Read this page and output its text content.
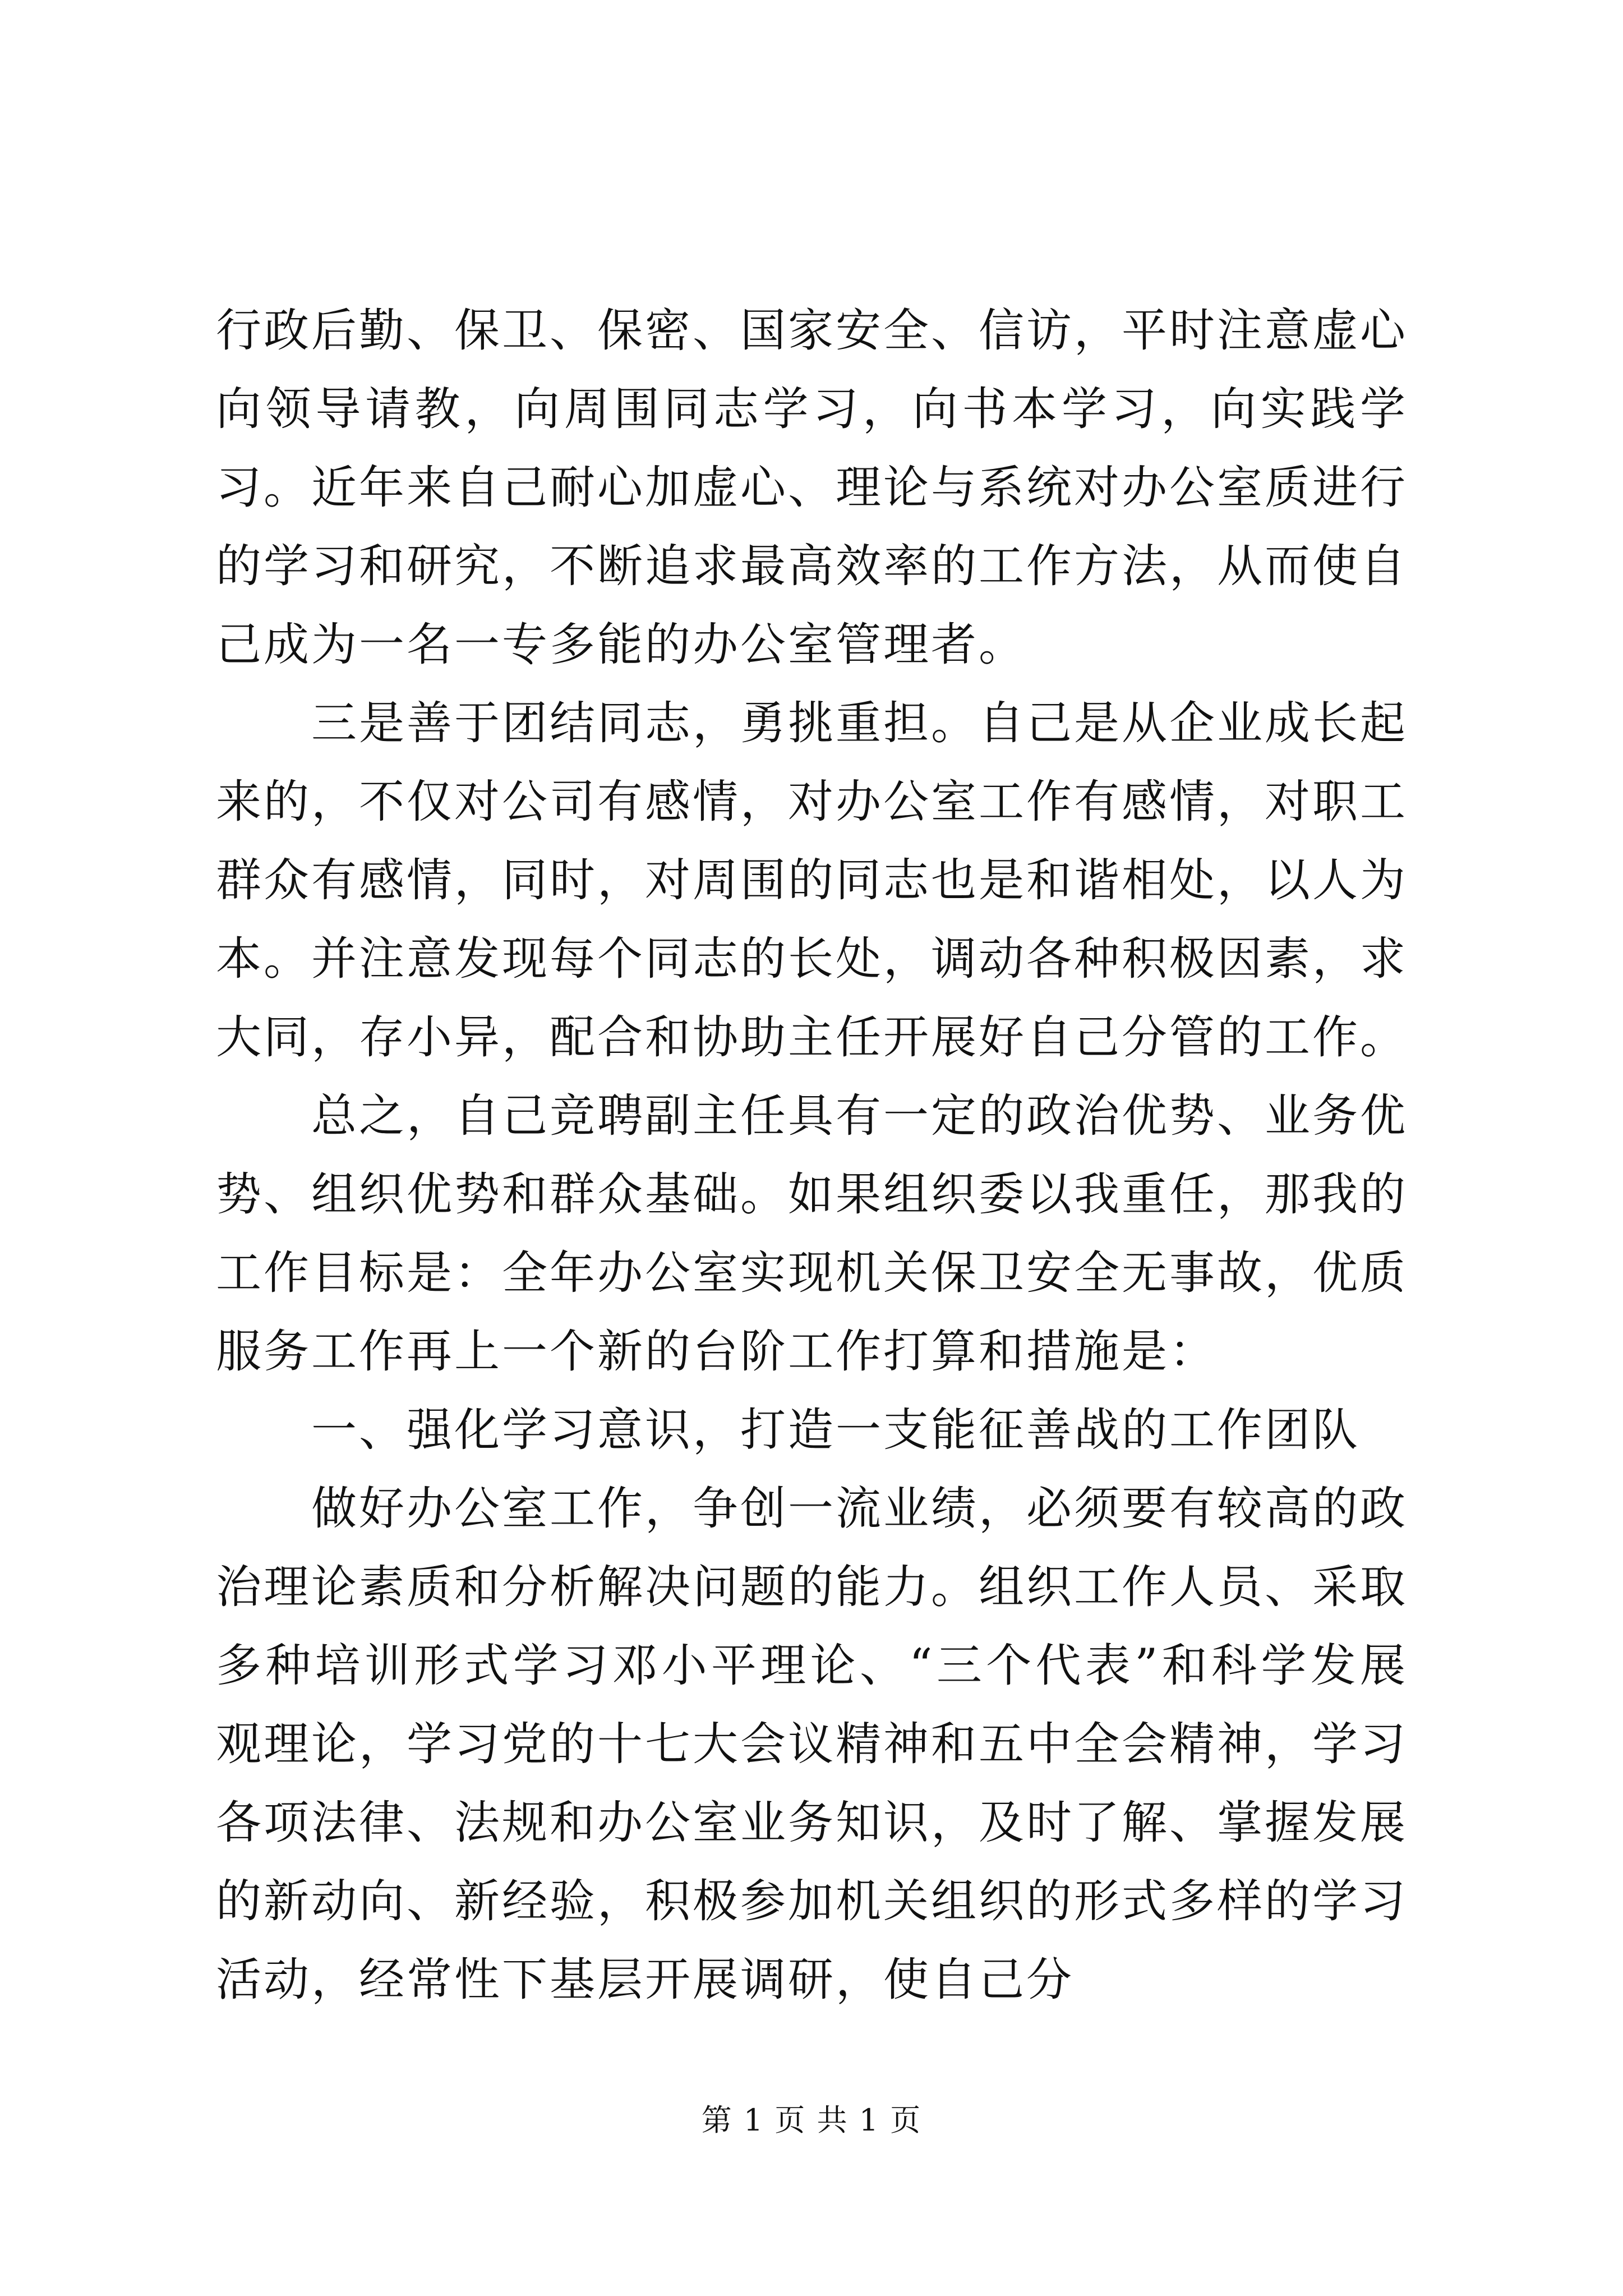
行政后勤、保卫、保密、国家安全、信访，平时注意虚心向领导请教，向周围同志学习，向书本学习，向实践学习。近年来自己耐心加虚心、理论与系统对办公室质进行的学习和研究，不断追求最高效率的工作方法，从而使自己成为一名一专多能的办公室管理者。

三是善于团结同志，勇挑重担。自己是从企业成长起来的，不仅对公司有感情，对办公室工作有感情，对职工群众有感情，同时，对周围的同志也是和谐相处，以人为本。并注意发现每个同志的长处，调动各种积极因素，求大同，存小异，配合和协助主任开展好自己分管的工作。

总之，自己竞聘副主任具有一定的政治优势、业务优势、组织优势和群众基础。如果组织委以我重任，那我的工作目标是：全年办公室实现机关保卫安全无事故，优质服务工作再上一个新的台阶工作打算和措施是：

一、强化学习意识，打造一支能征善战的工作团队

做好办公室工作，争创一流业绩，必须要有较高的政治理论素质和分析解决问题的能力。组织工作人员、采取多种培训形式学习邓小平理论、“三个代表”和科学发展观理论，学习党的十七大会议精神和五中全会精神，学习各项法律、法规和办公室业务知识，及时了解、掌握发展的新动向、新经验，积极参加机关组织的形式多样的学习活动，经常性下基层开展调研，使自己分

第 1 页 共 1 页
